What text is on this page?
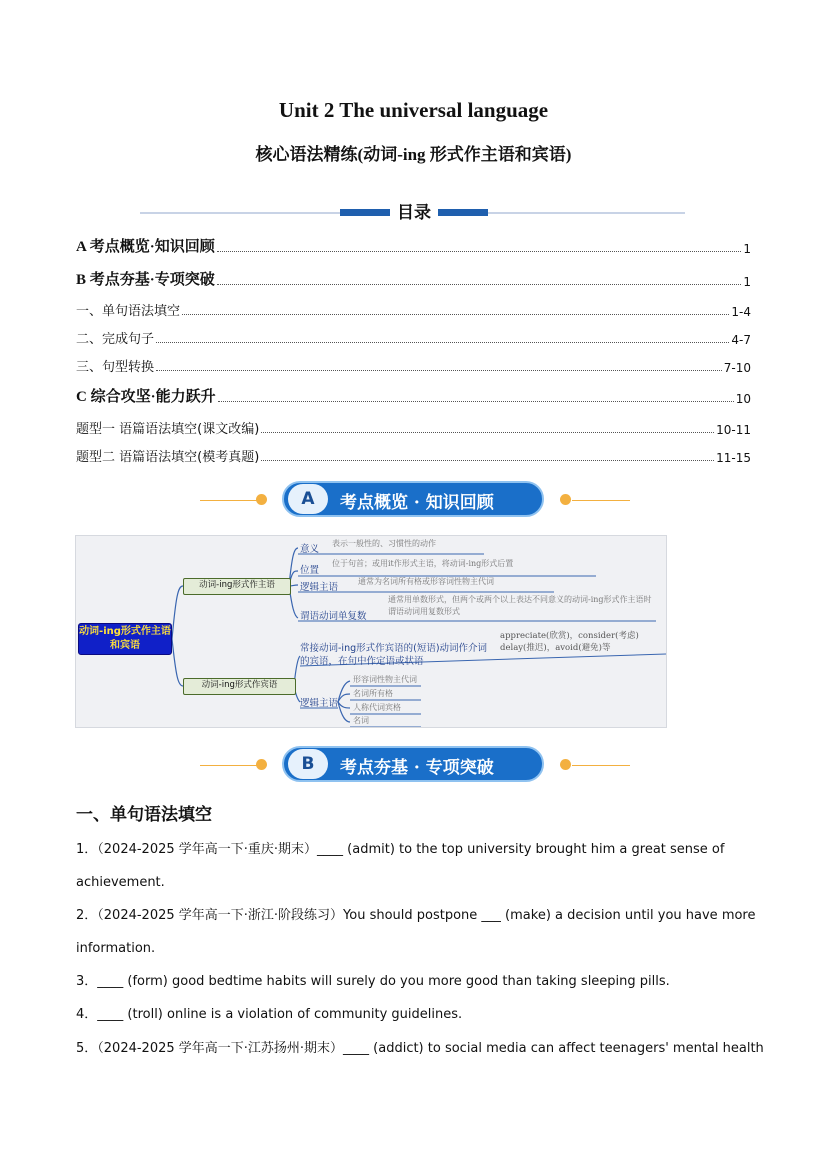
Unit 2 The universal language
核心语法精练(动词-ing 形式作主语和宾语)
目录
A 考点概览·知识回顾	1
B 考点夯基·专项突破	1
一、单句语法填空	1-4
二、完成句子	4-7
三、句型转换	7-10
C 综合攻坚·能力跃升	10
题型一 语篇语法填空(课文改编)	10-11
题型二 语篇语法填空(模考真题)	11-15
A	考点概览 · 知识回顾
动词-ing形式作主语和宾语
动词-ing形式作主语
动词-ing形式作宾语
意义
表示一般性的、习惯性的动作
位置
位于句首；或用it作形式主语，将动词-ing形式后置
逻辑主语
通常为名词所有格或形容词性物主代词
谓语动词单复数
通常用单数形式，但两个或两个以上表达不同意义的动词-ing形式作主语时谓语动词用复数形式
常接动词-ing形式作宾语的(短语)动词作介词的宾语，在句中作定语或状语
appreciate(欣赏)，consider(考虑) delay(推迟)，avoid(避免)等
逻辑主语
形容词性物主代词
名词所有格
人称代词宾格
名词
B	考点夯基 · 专项突破
一、单句语法填空
1．（2024-2025 学年高一下·重庆·期末）____ (admit) to the top university brought him a great sense of
achievement.
2．（2024-2025 学年高一下·浙江·阶段练习）You should postpone ___ (make) a decision until you have more
information.
3．____ (form) good bedtime habits will surely do you more good than taking sleeping pills.
4．____ (troll) online is a violation of community guidelines.
5．（2024-2025 学年高一下·江苏扬州·期末）____ (addict) to social media can affect teenagers' mental health
